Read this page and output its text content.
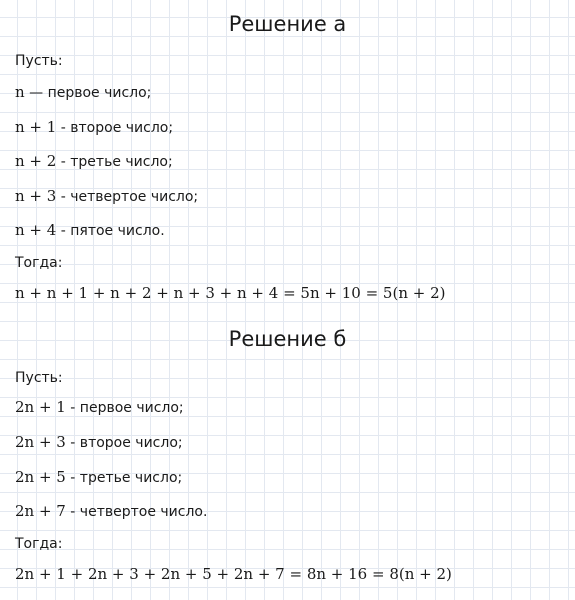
Решение а
Пусть:
n — первое число;
n + 1 - второе число;
n + 2 - третье число;
n + 3 - четвертое число;
n + 4 - пятое число.
Тогда:
n + n + 1 + n + 2 + n + 3 + n + 4 = 5n + 10 = 5(n + 2)
Решение б
Пусть:
2n + 1 - первое число;
2n + 3 - второе число;
2n + 5 - третье число;
2n + 7 - четвертое число.
Тогда:
2n + 1 + 2n + 3 + 2n + 5 + 2n + 7 = 8n + 16 = 8(n + 2)
